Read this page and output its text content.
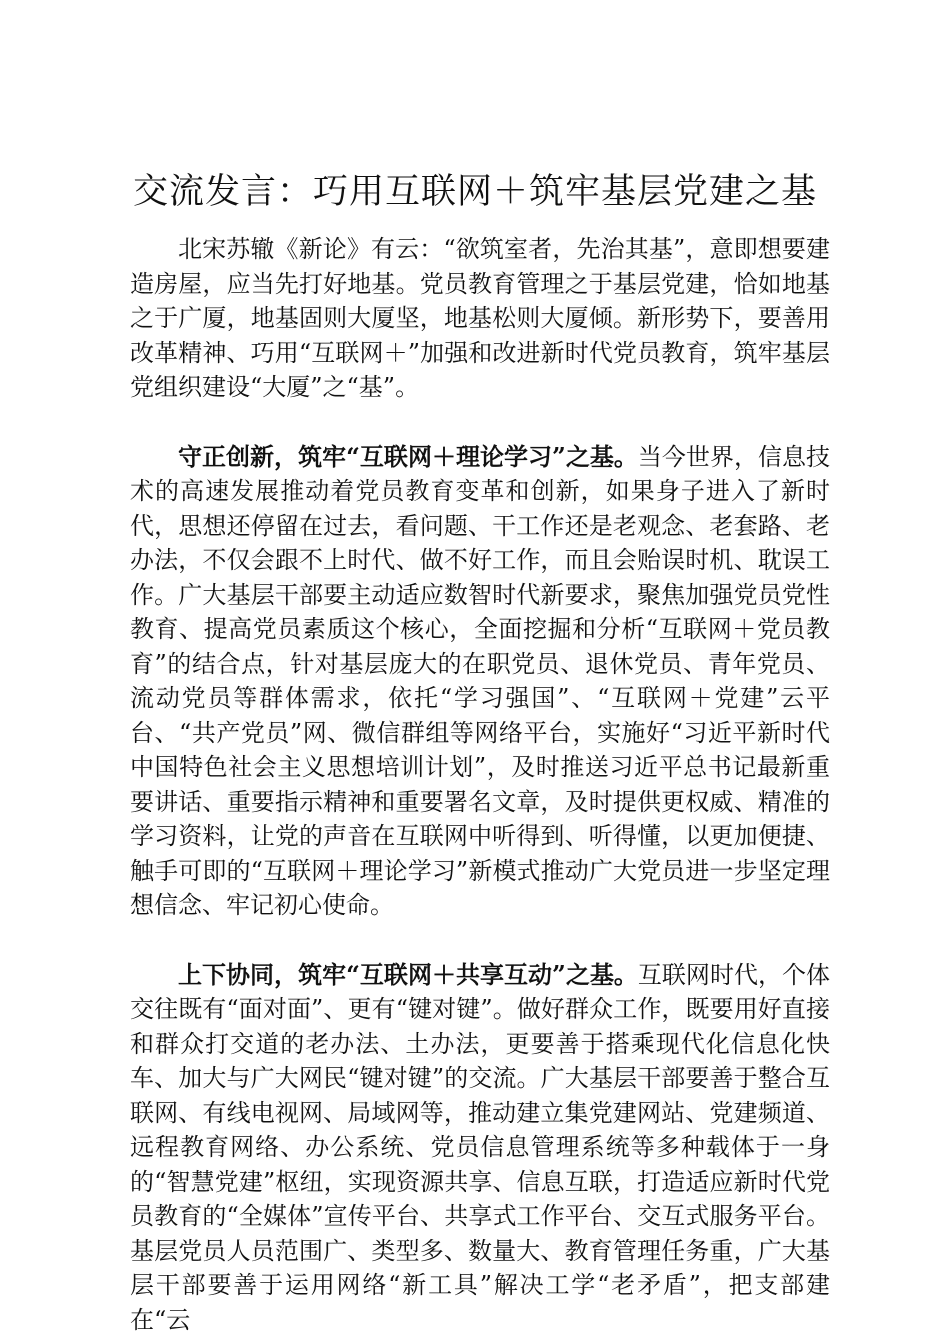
交流发言：巧用互联网＋筑牢基层党建之基

北宋苏辙《新论》有云：“欲筑室者，先治其基”，意即想要建造房屋，应当先打好地基。党员教育管理之于基层党建，恰如地基之于广厦，地基固则大厦坚，地基松则大厦倾。新形势下，要善用改革精神、巧用“互联网＋”加强和改进新时代党员教育，筑牢基层党组织建设“大厦”之“基”。

守正创新，筑牢“互联网＋理论学习”之基。当今世界，信息技术的高速发展推动着党员教育变革和创新，如果身子进入了新时代，思想还停留在过去，看问题、干工作还是老观念、老套路、老办法，不仅会跟不上时代、做不好工作，而且会贻误时机、耽误工作。广大基层干部要主动适应数智时代新要求，聚焦加强党员党性教育、提高党员素质这个核心，全面挖掘和分析“互联网＋党员教育”的结合点，针对基层庞大的在职党员、退休党员、青年党员、流动党员等群体需求，依托“学习强国”、“互联网＋党建”云平台、“共产党员”网、微信群组等网络平台，实施好“习近平新时代中国特色社会主义思想培训计划”，及时推送习近平总书记最新重要讲话、重要指示精神和重要署名文章，及时提供更权威、精准的学习资料，让党的声音在互联网中听得到、听得懂，以更加便捷、触手可即的“互联网＋理论学习”新模式推动广大党员进一步坚定理想信念、牢记初心使命。

上下协同，筑牢“互联网＋共享互动”之基。互联网时代，个体交往既有“面对面”、更有“键对键”。做好群众工作，既要用好直接和群众打交道的老办法、土办法，更要善于搭乘现代化信息化快车、加大与广大网民“键对键”的交流。广大基层干部要善于整合互联网、有线电视网、局域网等，推动建立集党建网站、党建频道、远程教育网络、办公系统、党员信息管理系统等多种载体于一身的“智慧党建”枢纽，实现资源共享、信息互联，打造适应新时代党员教育的“全媒体”宣传平台、共享式工作平台、交互式服务平台。基层党员人员范围广、类型多、数量大、教育管理任务重，广大基层干部要善于运用网络“新工具”解决工学“老矛盾”，把支部建在“云
